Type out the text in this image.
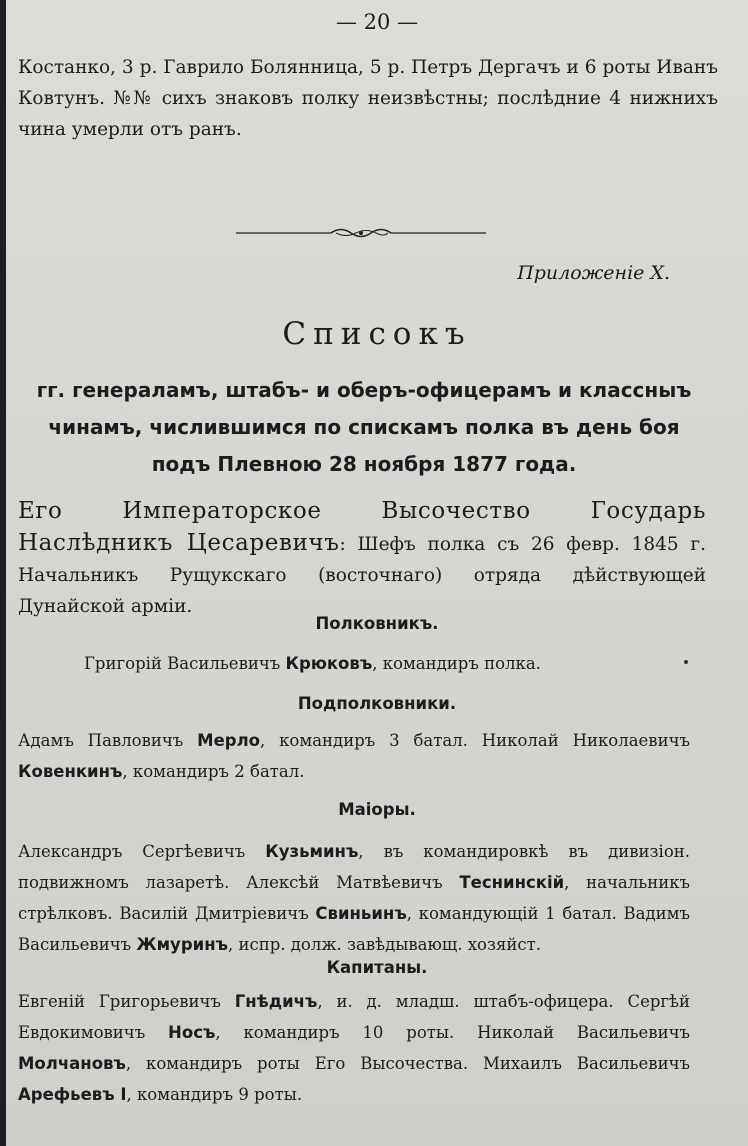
— 20 —

Костанко, 3 р. Гаврило Болянница, 5 р. Петръ Дергачъ и 6 роты Иванъ Ковтунъ. №№ сихъ знаковъ полку неизвѣстны; послѣдние 4 нижнихъ чина умерли отъ ранъ.

Приложеніе X.
Списокъ
гг. генераламъ, штабъ- и оберъ-офицерамъ и классныъ чинамъ, числившимся по спискамъ полка въ день боя подъ Плевною 28 ноября 1877 года.
Его Императорское Высочество Государь Наслѣдникъ Цесаревичъ: Шефъ полка съ 26 февр. 1845 г. Начальникъ Рущукскаго (восточнаго) отряда дѣйствующей Дунайской арміи.
Полковникъ.
Григорій Васильевичъ Крюковъ, командиръ полка.
Подполковники.
Адамъ Павловичъ Мерло, командиръ 3 батал. Николай Николаевичъ Ковенкинъ, командиръ 2 батал.
Маіоры.
Александръ Сергѣевичъ Кузьминъ, въ командировкѣ въ дивизіон. подвижномъ лазаретѣ. Алексѣй Матвѣевичъ Теснинскій, начальникъ стрѣлковъ. Василій Дмитріевичъ Свиньинъ, командующій 1 батал. Вадимъ Васильевичъ Жмуринъ, испр. долж. завѣдывающ. хозяйст.
Капитаны.
Евгеній Григорьевичъ Гнѣдичъ, и. д. младш. штабъ-офицера. Сергѣй Евдокимовичъ Носъ, командиръ 10 роты. Николай Васильевичъ Молчановъ, командиръ роты Его Высочества. Михаилъ Васильевичъ Арефьевъ I, командиръ 9 роты.
